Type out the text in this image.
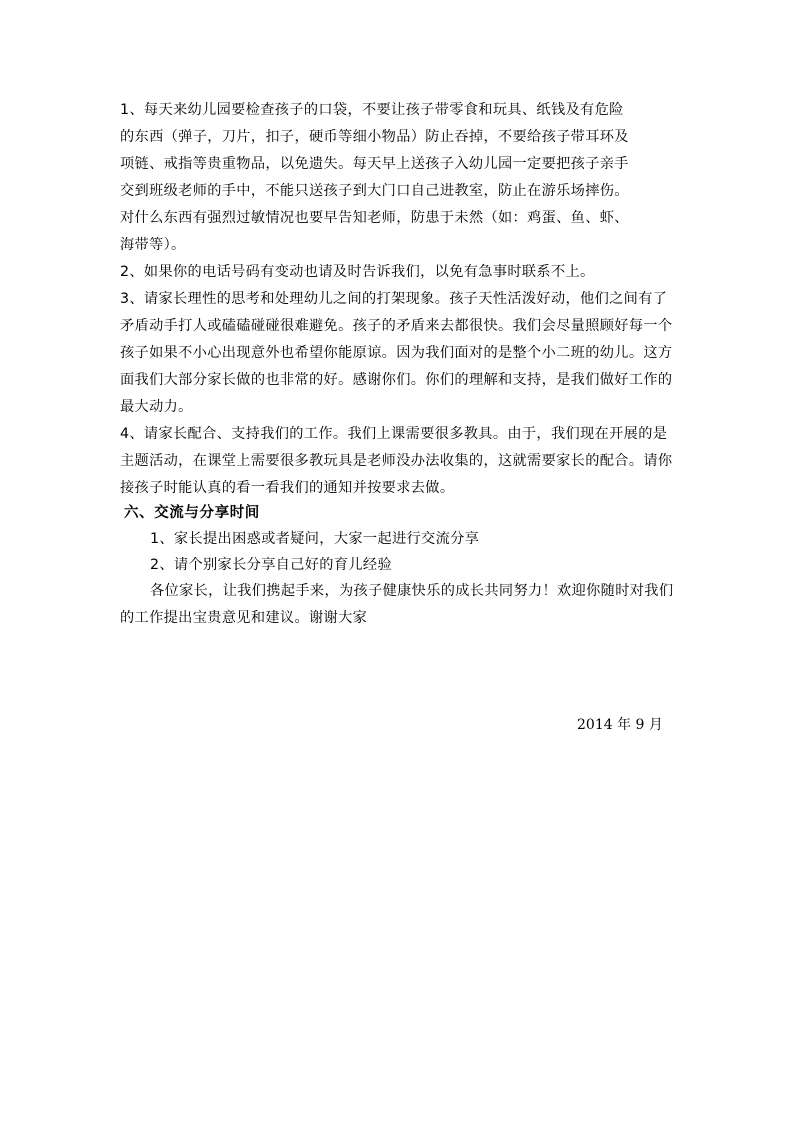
1、每天来幼儿园要检查孩子的口袋，不要让孩子带零食和玩具、纸钱及有危险
的东西（弹子，刀片，扣子，硬币等细小物品）防止吞掉，不要给孩子带耳环及
项链、戒指等贵重物品，以免遗失。每天早上送孩子入幼儿园一定要把孩子亲手
交到班级老师的手中，不能只送孩子到大门口自己进教室，防止在游乐场摔伤。
对什么东西有强烈过敏情况也要早告知老师，防患于未然（如：鸡蛋、鱼、虾、
海带等）。
2、如果你的电话号码有变动也请及时告诉我们，以免有急事时联系不上。
3、请家长理性的思考和处理幼儿之间的打架现象。孩子天性活泼好动，他们之间有了
矛盾动手打人或磕磕碰碰很难避免。孩子的矛盾来去都很快。我们会尽量照顾好每一个
孩子如果不小心出现意外也希望你能原谅。因为我们面对的是整个小二班的幼儿。这方
面我们大部分家长做的也非常的好。感谢你们。你们的理解和支持，是我们做好工作的
最大动力。
4、请家长配合、支持我们的工作。我们上课需要很多教具。由于，我们现在开展的是
主题活动，在课堂上需要很多教玩具是老师没办法收集的，这就需要家长的配合。请你
接孩子时能认真的看一看我们的通知并按要求去做。
六、交流与分享时间
1、家长提出困惑或者疑问，大家一起进行交流分享
2、请个别家长分享自己好的育儿经验
各位家长，让我们携起手来，为孩子健康快乐的成长共同努力！欢迎你随时对我们
的工作提出宝贵意见和建议。谢谢大家
2014 年 9 月
